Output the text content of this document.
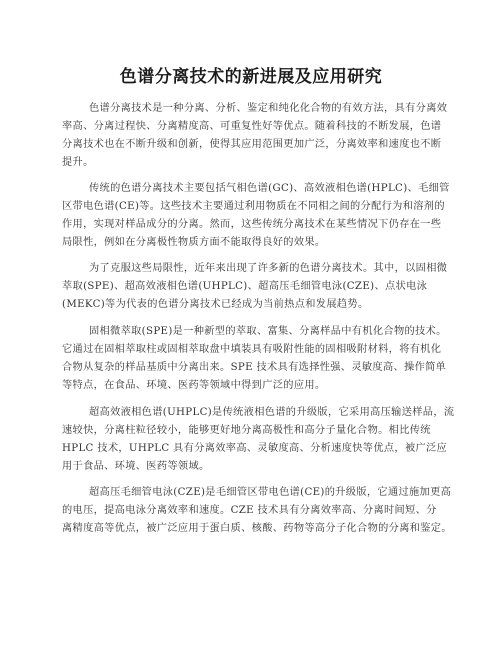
色谱分离技术的新进展及应用研究
色谱分离技术是一种分离、分析、鉴定和纯化化合物的有效方法，具有分离效
率高、分离过程快、分离精度高、可重复性好等优点。随着科技的不断发展，色谱
分离技术也在不断升级和创新，使得其应用范围更加广泛，分离效率和速度也不断
提升。
传统的色谱分离技术主要包括气相色谱(GC)、高效液相色谱(HPLC)、毛细管
区带电色谱(CE)等。这些技术主要通过利用物质在不同相之间的分配行为和溶剂的
作用，实现对样品成分的分离。然而，这些传统分离技术在某些情况下仍存在一些
局限性，例如在分离极性物质方面不能取得良好的效果。
为了克服这些局限性，近年来出现了许多新的色谱分离技术。其中，以固相微
萃取(SPE)、超高效液相色谱(UHPLC)、超高压毛细管电泳(CZE)、点状电泳
(MEKC)等为代表的色谱分离技术已经成为当前热点和发展趋势。
固相微萃取(SPE)是一种新型的萃取、富集、分离样品中有机化合物的技术。
它通过在固相萃取柱或固相萃取盘中填装具有吸附性能的固相吸附材料，将有机化
合物从复杂的样品基质中分离出来。SPE 技术具有选择性强、灵敏度高、操作简单
等特点，在食品、环境、医药等领域中得到广泛的应用。
超高效液相色谱(UHPLC)是传统液相色谱的升级版，它采用高压输送样品，流
速较快，分离柱粒径较小，能够更好地分离高极性和高分子量化合物。相比传统
HPLC 技术，UHPLC 具有分离效率高、灵敏度高、分析速度快等优点，被广泛应
用于食品、环境、医药等领域。
超高压毛细管电泳(CZE)是毛细管区带电色谱(CE)的升级版，它通过施加更高
的电压，提高电泳分离效率和速度。CZE 技术具有分离效率高、分离时间短、分
离精度高等优点，被广泛应用于蛋白质、核酸、药物等高分子化合物的分离和鉴定。
